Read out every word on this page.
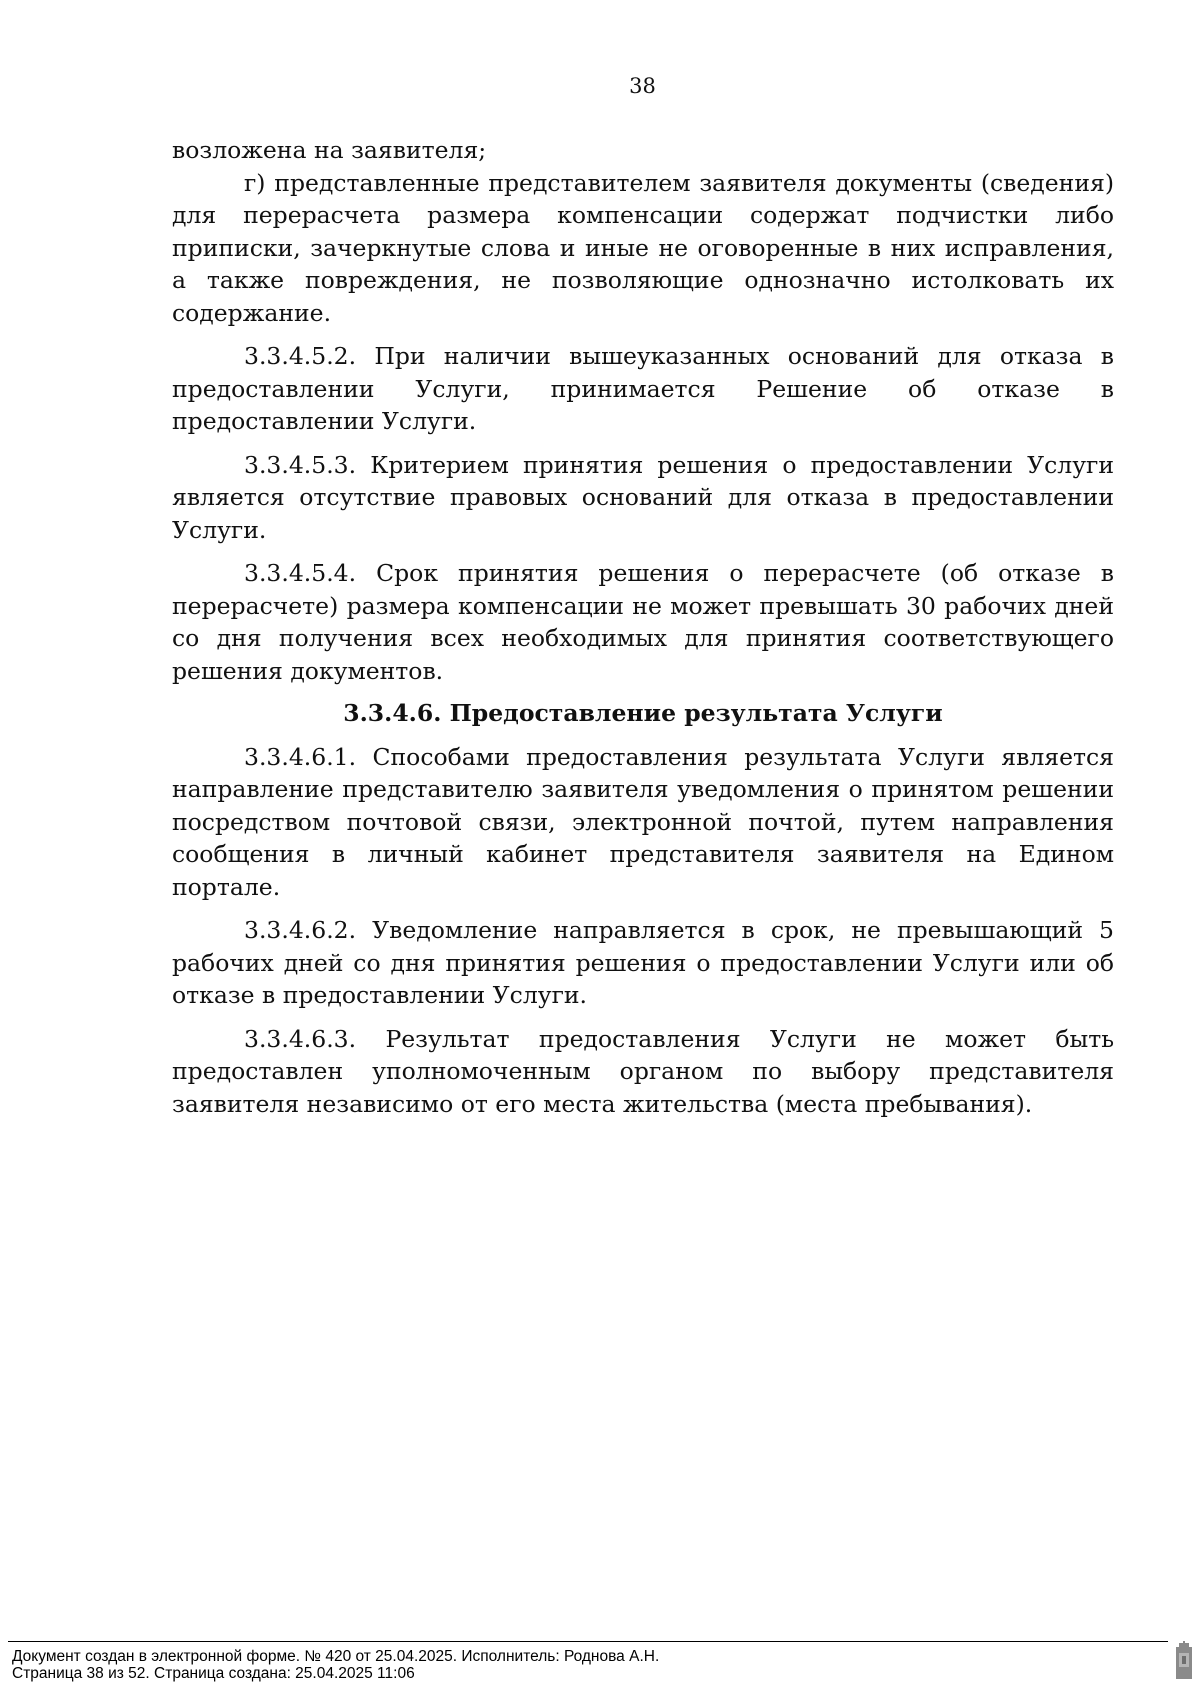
38

возложена на заявителя;

г) представленные представителем заявителя документы (сведения) для перерасчета размера компенсации содержат подчистки либо приписки, зачеркнутые слова и иные не оговоренные в них исправления, а также повреждения, не позволяющие однозначно истолковать их содержание.

3.3.4.5.2. При наличии вышеуказанных оснований для отказа в предоставлении Услуги, принимается Решение об отказе в предоставлении Услуги.

3.3.4.5.3. Критерием принятия решения о предоставлении Услуги является отсутствие правовых оснований для отказа в предоставлении Услуги.

3.3.4.5.4. Срок принятия решения о перерасчете (об отказе в перерасчете) размера компенсации не может превышать 30 рабочих дней со дня получения всех необходимых для принятия соответствующего решения документов.

3.3.4.6. Предоставление результата Услуги

3.3.4.6.1. Способами предоставления результата Услуги является направление представителю заявителя уведомления о принятом решении посредством почтовой связи, электронной почтой, путем направления сообщения в личный кабинет представителя заявителя на Едином портале.

3.3.4.6.2. Уведомление направляется в срок, не превышающий 5 рабочих дней со дня принятия решения о предоставлении Услуги или об отказе в предоставлении Услуги.

3.3.4.6.3. Результат предоставления Услуги не может быть предоставлен уполномоченным органом по выбору представителя заявителя независимо от его места жительства (места пребывания).

Документ создан в электронной форме. № 420 от 25.04.2025. Исполнитель: Роднова А.Н.
Страница 38 из 52. Страница создана: 25.04.2025 11:06
